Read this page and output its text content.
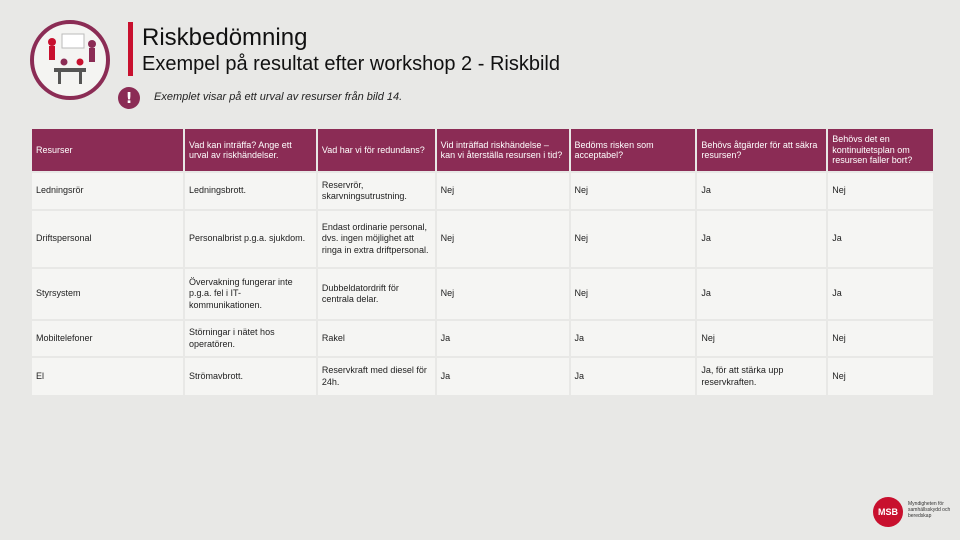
Riskbedömning
Exempel på resultat efter workshop 2 - Riskbild
!	Exemplet visar på ett urval av resurser från bild 14.
Resurser	Vad kan inträffa? Ange ett urval av riskhändelser.	Vad har vi för redundans?	Vid inträffad riskhändelse – kan vi återställa resursen i tid?	Bedöms risken som acceptabel?	Behövs åtgärder för att säkra resursen?	Behövs det en kontinuitetsplan om resursen faller bort?
Ledningsrör	Ledningsbrott.	Reservrör, skarvningsutrustning.	Nej	Nej	Ja	Nej
Driftspersonal	Personalbrist p.g.a. sjukdom.	Endast ordinarie personal, dvs. ingen möjlighet att ringa in extra driftpersonal.	Nej	Nej	Ja	Ja
Styrsystem	Övervakning fungerar inte p.g.a. fel i IT-kommunikationen.	Dubbeldatordrift för centrala delar.	Nej	Nej	Ja	Ja
Mobiltelefoner	Störningar i nätet hos operatören.	Rakel	Ja	Ja	Nej	Nej
El	Strömavbrott.	Reservkraft med diesel för 24h.	Ja	Ja	Ja, för att stärka upp reservkraften.	Nej
MSB
Myndigheten för samhällsskydd och beredskap
